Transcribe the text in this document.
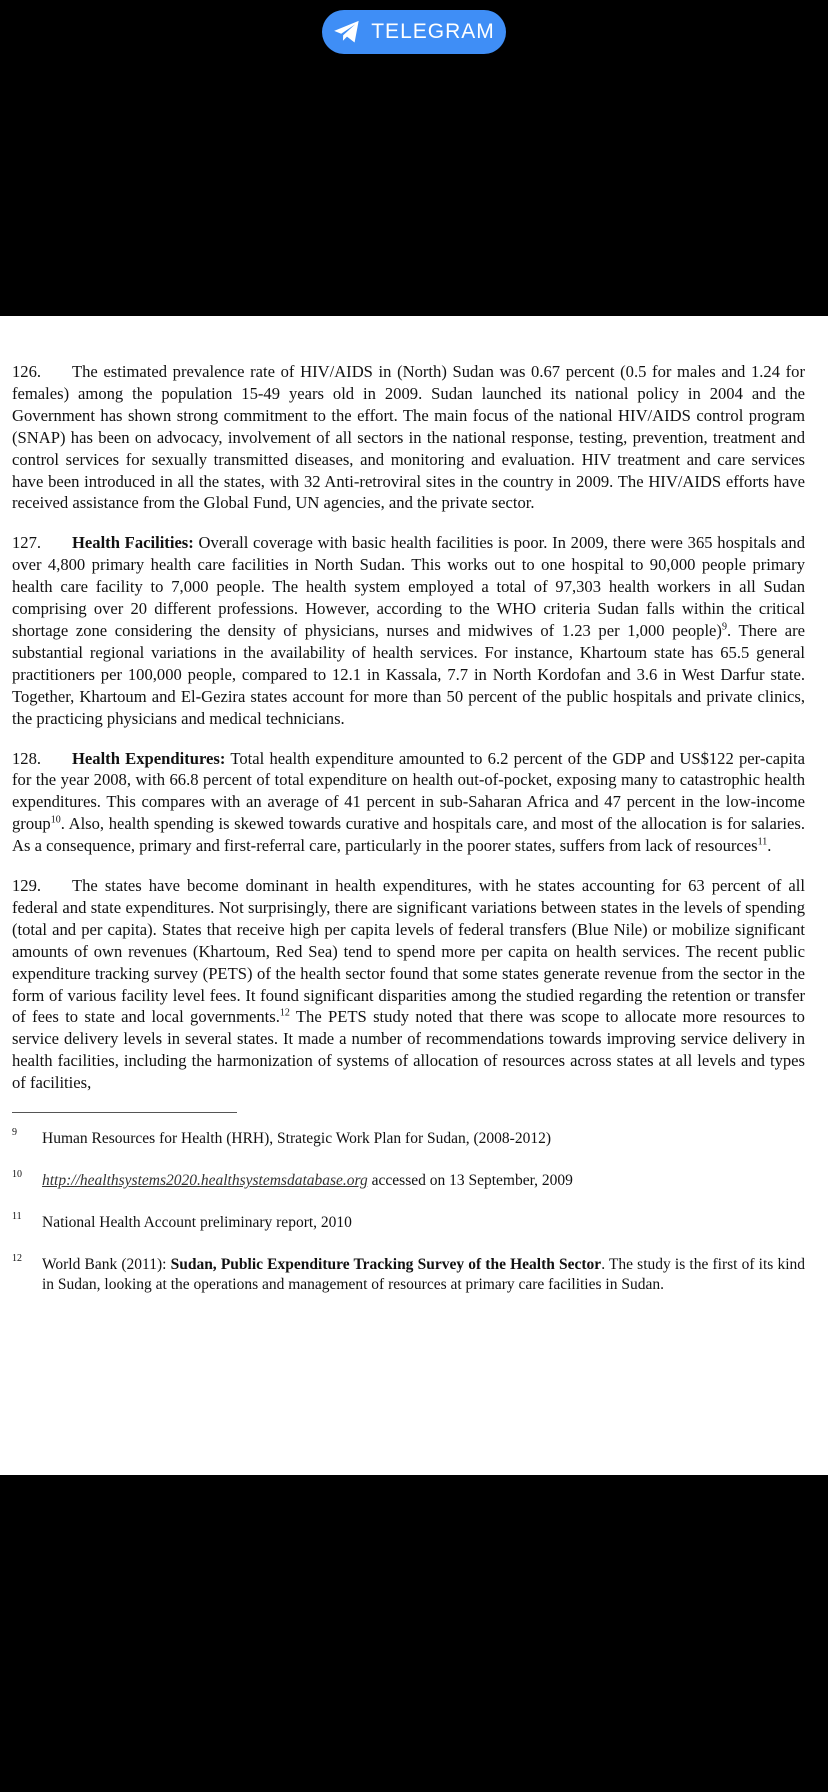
TELEGRAM

126. The estimated prevalence rate of HIV/AIDS in (North) Sudan was 0.67 percent (0.5 for males and 1.24 for females) among the population 15-49 years old in 2009. Sudan launched its national policy in 2004 and the Government has shown strong commitment to the effort. The main focus of the national HIV/AIDS control program (SNAP) has been on advocacy, involvement of all sectors in the national response, testing, prevention, treatment and control services for sexually transmitted diseases, and monitoring and evaluation. HIV treatment and care services have been introduced in all the states, with 32 Anti-retroviral sites in the country in 2009. The HIV/AIDS efforts have received assistance from the Global Fund, UN agencies, and the private sector.

127. Health Facilities: Overall coverage with basic health facilities is poor. In 2009, there were 365 hospitals and over 4,800 primary health care facilities in North Sudan. This works out to one hospital to 90,000 people primary health care facility to 7,000 people. The health system employed a total of 97,303 health workers in all Sudan comprising over 20 different professions. However, according to the WHO criteria Sudan falls within the critical shortage zone considering the density of physicians, nurses and midwives of 1.23 per 1,000 people)$^9$. There are substantial regional variations in the availability of health services. For instance, Khartoum state has 65.5 general practitioners per 100,000 people, compared to 12.1 in Kassala, 7.7 in North Kordofan and 3.6 in West Darfur state. Together, Khartoum and El-Gezira states account for more than 50 percent of the public hospitals and private clinics, the practicing physicians and medical technicians.

128. Health Expenditures: Total health expenditure amounted to 6.2 percent of the GDP and US$122 per-capita for the year 2008, with 66.8 percent of total expenditure on health out-of-pocket, exposing many to catastrophic health expenditures. This compares with an average of 41 percent in sub-Saharan Africa and 47 percent in the low-income group$^{10}$. Also, health spending is skewed towards curative and hospitals care, and most of the allocation is for salaries. As a consequence, primary and first-referral care, particularly in the poorer states, suffers from lack of resources$^{11}$.

129. The states have become dominant in health expenditures, with he states accounting for 63 percent of all federal and state expenditures. Not surprisingly, there are significant variations between states in the levels of spending (total and per capita). States that receive high per capita levels of federal transfers (Blue Nile) or mobilize significant amounts of own revenues (Khartoum, Red Sea) tend to spend more per capita on health services. The recent public expenditure tracking survey (PETS) of the health sector found that some states generate revenue from the sector in the form of various facility level fees. It found significant disparities among the studied regarding the retention or transfer of fees to state and local governments.$^{12}$ The PETS study noted that there was scope to allocate more resources to service delivery levels in several states. It made a number of recommendations towards improving service delivery in health facilities, including the harmonization of systems of allocation of resources across states at all levels and types of facilities,

9 Human Resources for Health (HRH), Strategic Work Plan for Sudan, (2008-2012)
10 http://healthsystems2020.healthsystemsdatabase.org accessed on 13 September, 2009
11 National Health Account preliminary report, 2010
12 World Bank (2011): Sudan, Public Expenditure Tracking Survey of the Health Sector. The study is the first of its kind in Sudan, looking at the operations and management of resources at primary care facilities in Sudan.
